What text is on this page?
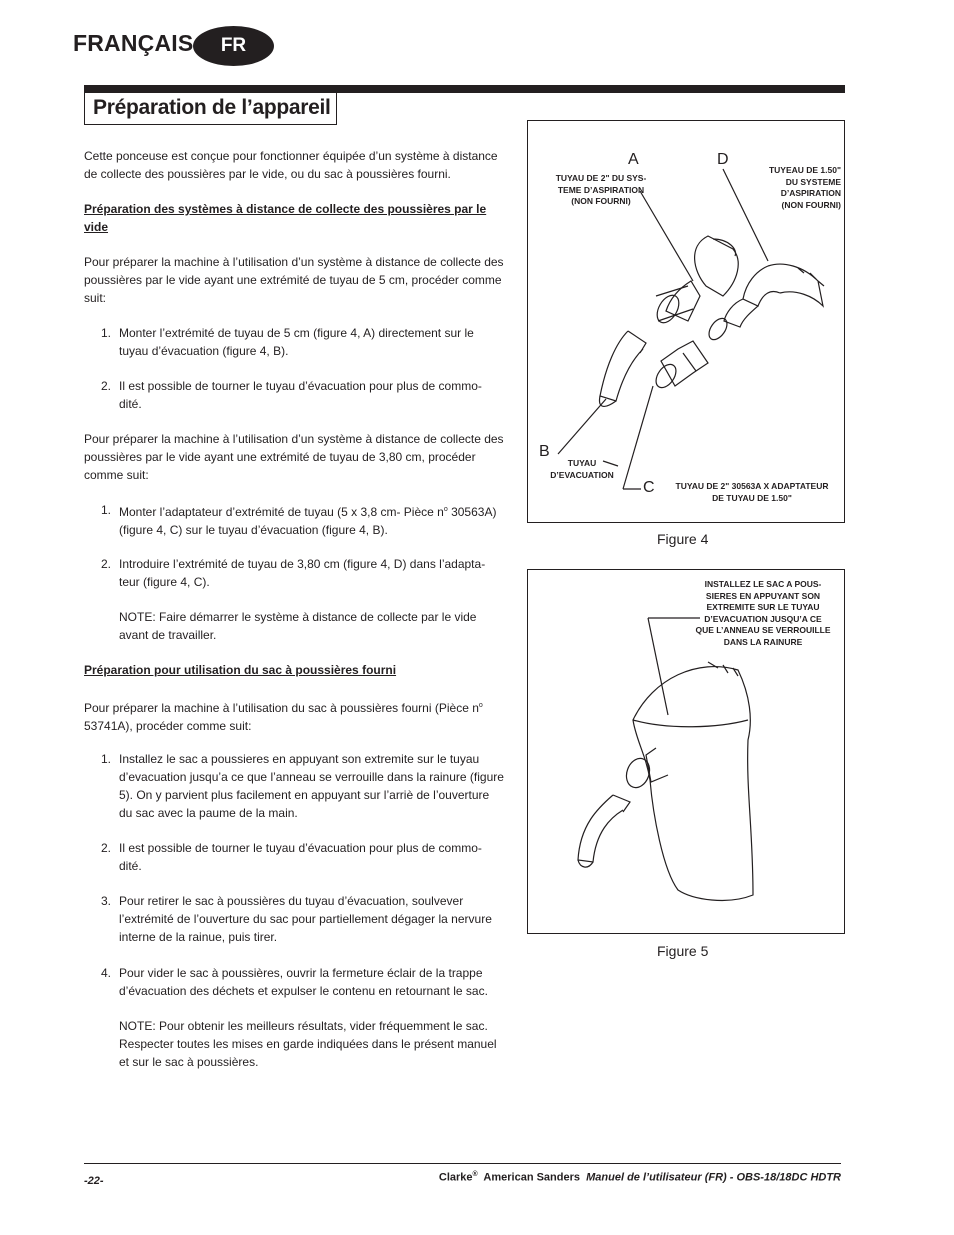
FRANÇAIS	FR
Préparation de l’appareil

Cette ponceuse est conçue pour fonctionner équipée d’un système à distance de collecte des poussières par le vide, ou du sac à poussières fourni.

Préparation des systèmes à distance de collecte des poussières par le vide

Pour préparer la machine à l’utilisation d’un système à distance de collecte des poussières par le vide ayant une extrémité de tuyau de 5 cm, procéder comme suit:

1. Monter l’extrémité de tuyau de 5 cm (figure 4, A) directement sur le tuyau d’évacuation (figure 4, B).
2. Il est possible de tourner le tuyau d’évacuation pour plus de commo-dité.

Pour préparer la machine à l’utilisation d’un système à distance de collecte des poussières par le vide ayant une extrémité de tuyau de 3,80 cm, procéder comme suit:

1. Monter l’adaptateur d’extrémité de tuyau (5 x 3,8 cm- Pièce $n^o$ 30563A) (figure 4, C) sur le tuyau d’évacuation (figure 4, B).
2. Introduire l’extrémité de tuyau de 3,80 cm (figure 4, D) dans l’adapta-teur (figure 4, C).

NOTE: Faire démarrer le système à distance de collecte par le vide avant de travailler.

Préparation pour utilisation du sac à poussières fourni

Pour préparer la machine à l’utilisation du sac à poussières fourni (Pièce $n^o$ 53741A), procéder comme suit:

1. Installez le sac a poussieres en appuyant son extremite sur le tuyau d’evacuation jusqu’a ce que l’anneau se verrouille dans la rainure (figure 5). On y parvient plus facilement en appuyant sur l’arriè de l’ouverture du sac avec la paume de la main.
2. Il est possible de tourner le tuyau d’évacuation pour plus de commo-dité.
3. Pour retirer le sac à poussières du tuyau d’évacuation, soulvever l’extrémité de l’ouverture du sac pour partiellement dégager la nervure interne de la rainue, puis tirer.
4. Pour vider le sac à poussières, ouvrir la fermeture éclair de la trappe d’évacuation des déchets et expulser le contenu en retournant le sac.

NOTE: Pour obtenir les meilleurs résultats, vider fréquemment le sac. Respecter toutes les mises en garde indiquées dans le présent manuel et sur le sac à poussières.

A	D
B
C
TUYAU DE 2" DU SYS-
TEME D’ASPIRATION
(NON FOURNI)
TUYEAU DE 1.50"
DU SYSTEME
D’ASPIRATION
(NON FOURNI)
TUYAU
D’EVACUATION
TUYAU DE 2" 30563A X ADAPTATEUR
DE TUYAU DE 1.50"
Figure 4
INSTALLEZ LE SAC A POUS-
SIERES EN APPUYANT SON
EXTREMITE SUR LE TUYAU
D’EVACUATION JUSQU’A CE
QUE L’ANNEAU SE VERROUILLE
DANS LA RAINURE
Figure 5
-22-	Clarke®  American Sanders  Manuel de l’utilisateur (FR) - OBS-18/18DC HDTR
